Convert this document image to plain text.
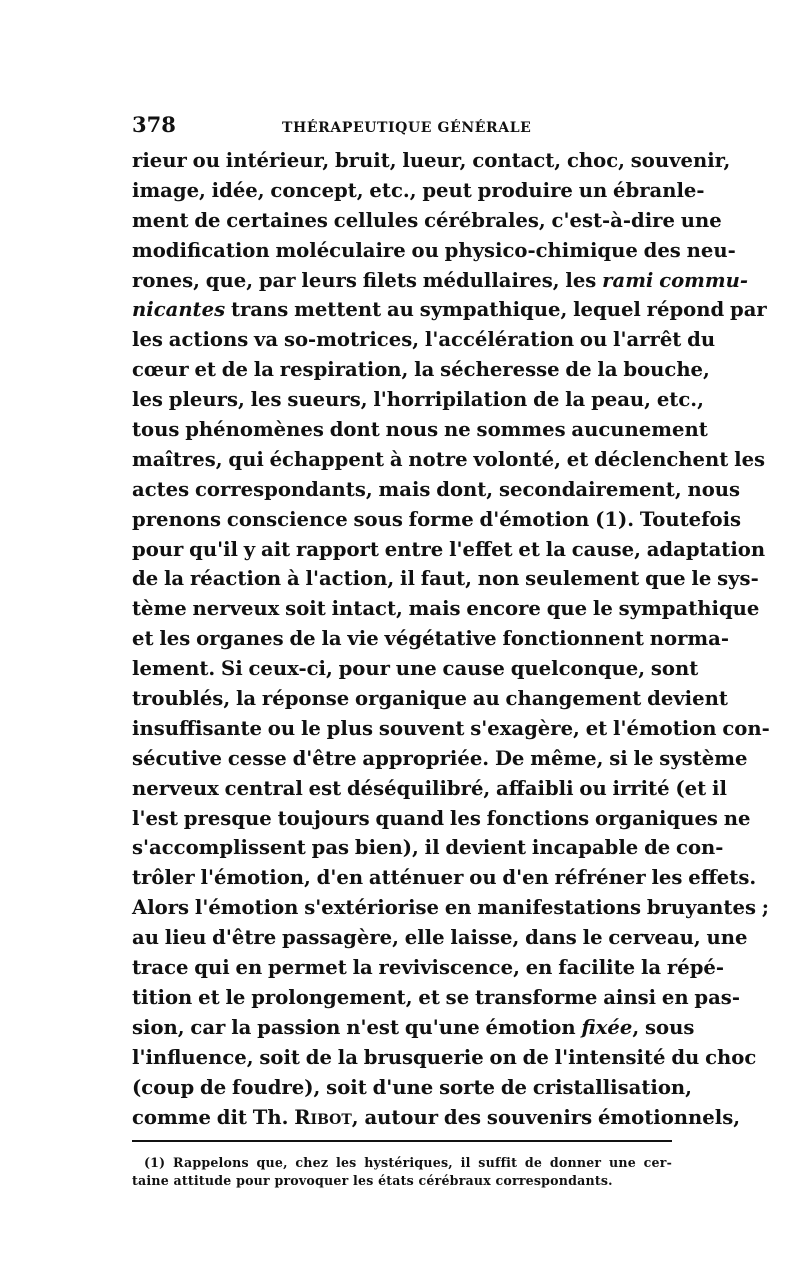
378	THÉRAPEUTIQUE GÉNÉRALE
rieur ou intérieur, bruit, lueur, contact, choc, souvenir,
image, idée, concept, etc., peut produire un ébranle-
ment de certaines cellules cérébrales, c'est-à-dire une
modification moléculaire ou physico-chimique des neu-
rones, que, par leurs filets médullaires, les rami commu-
nicantes trans mettent au sympathique, lequel répond par
les actions va so-motrices, l'accélération ou l'arrêt du
cœur et de la respiration, la sécheresse de la bouche,
les pleurs, les sueurs, l'horripilation de la peau, etc.,
tous phénomènes dont nous ne sommes aucunement
maîtres, qui échappent à notre volonté, et déclenchent les
actes correspondants, mais dont, secondairement, nous
prenons conscience sous forme d'émotion (1). Toutefois
pour qu'il y ait rapport entre l'effet et la cause, adaptation
de la réaction à l'action, il faut, non seulement que le sys-
tème nerveux soit intact, mais encore que le sympathique
et les organes de la vie végétative fonctionnent norma-
lement. Si ceux-ci, pour une cause quelconque, sont
troublés, la réponse organique au changement devient
insuffisante ou le plus souvent s'exagère, et l'émotion con-
sécutive cesse d'être appropriée. De même, si le système
nerveux central est déséquilibré, affaibli ou irrité (et il
l'est presque toujours quand les fonctions organiques ne
s'accomplissent pas bien), il devient incapable de con-
trôler l'émotion, d'en atténuer ou d'en réfréner les effets.
Alors l'émotion s'extériorise en manifestations bruyantes ;
au lieu d'être passagère, elle laisse, dans le cerveau, une
trace qui en permet la reviviscence, en facilite la répé-
tition et le prolongement, et se transforme ainsi en pas-
sion, car la passion n'est qu'une émotion fixée, sous
l'influence, soit de la brusquerie on de l'intensité du choc
(coup de foudre), soit d'une sorte de cristallisation,
comme dit Th. Ribot, autour des souvenirs émotionnels,
(1) Rappelons que, chez les hystériques, il suffit de donner une cer-
taine attitude pour provoquer les états cérébraux correspondants.
